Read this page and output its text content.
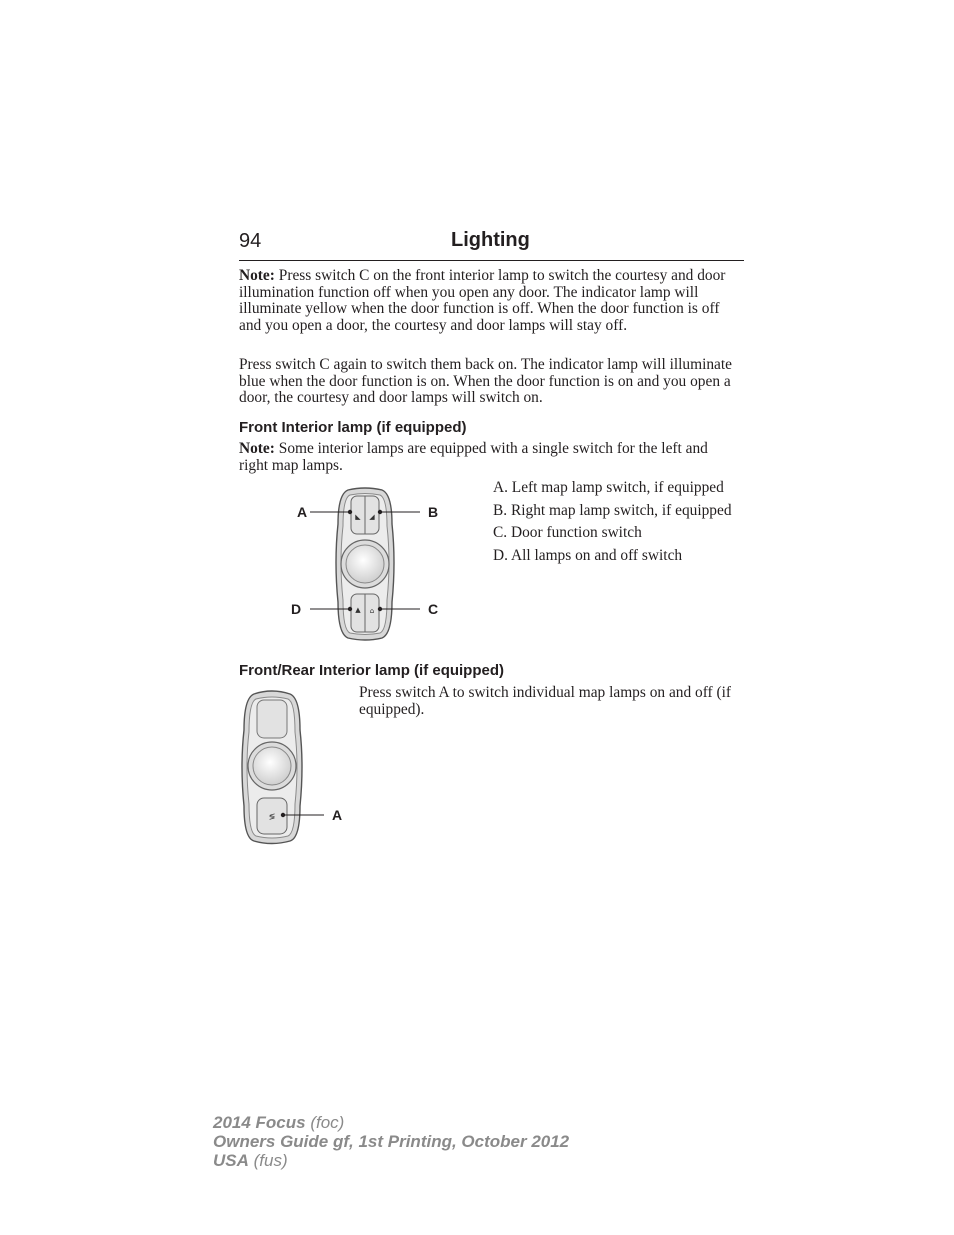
94	Lighting

Note: Press switch C on the front interior lamp to switch the courtesy and door illumination function off when you open any door. The indicator lamp will illuminate yellow when the door function is off. When the door function is off and you open a door, the courtesy and door lamps will stay off.

Press switch C again to switch them back on. The indicator lamp will illuminate blue when the door function is on. When the door function is on and you open a door, the courtesy and door lamps will switch on.

Front Interior lamp (if equipped)

Note: Some interior lamps are equipped with a single switch for the left and right map lamps.

◣ ◢
▲ ⌂
A	B
D	C
A. Left map lamp switch, if equipped
B. Right map lamp switch, if equipped
C. Door function switch
D. All lamps on and off switch
Front/Rear Interior lamp (if equipped)
≶	A

Press switch A to switch individual map lamps on and off (if equipped).

2014 Focus (foc)
Owners Guide gf, 1st Printing, October 2012
USA (fus)
